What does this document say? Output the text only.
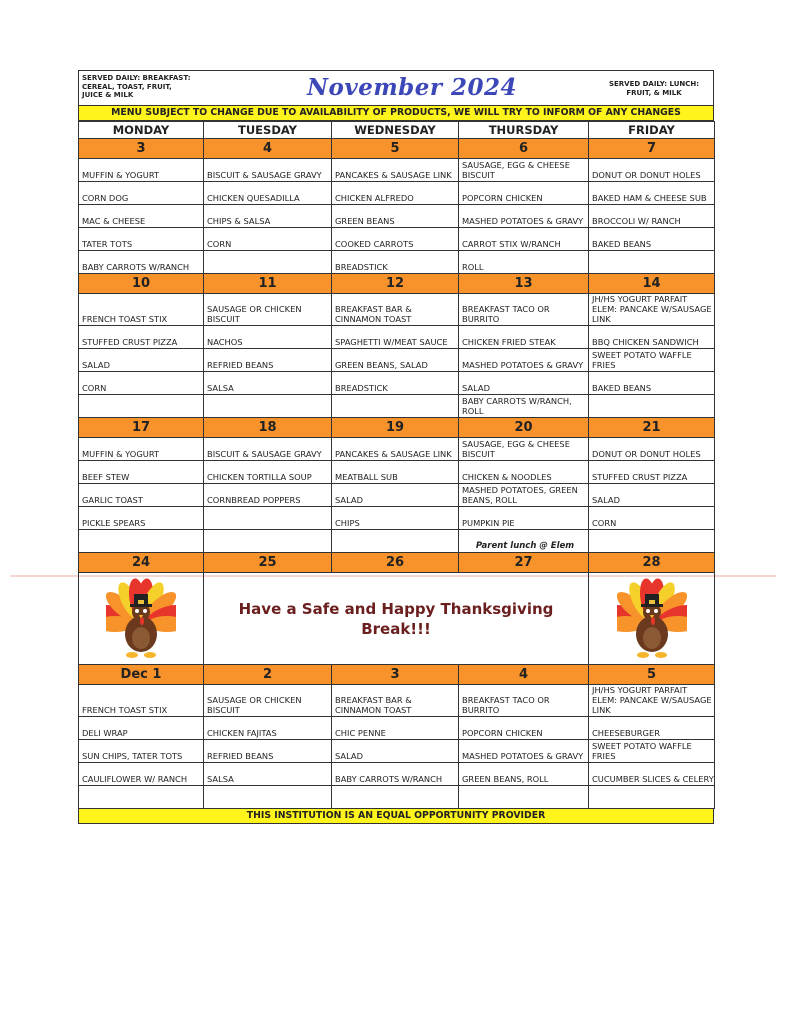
SERVED DAILY: BREAKFAST:
CEREAL, TOAST, FRUIT,
JUICE & MILK	November 2024	SERVED DAILY: LUNCH:
FRUIT, & MILK
MENU SUBJECT TO CHANGE DUE TO AVAILABILITY OF PRODUCTS, WE WILL TRY TO INFORM OF ANY CHANGES
MONDAY	TUESDAY	WEDNESDAY	THURSDAY	FRIDAY
3	4	5	6	7
MUFFIN & YOGURT	BISCUIT & SAUSAGE GRAVY	PANCAKES & SAUSAGE LINK	SAUSAGE, EGG & CHEESE BISCUIT	DONUT OR DONUT HOLES
CORN DOG	CHICKEN QUESADILLA	CHICKEN ALFREDO	POPCORN CHICKEN	BAKED HAM & CHEESE SUB
MAC & CHEESE	CHIPS & SALSA	GREEN BEANS	MASHED POTATOES & GRAVY	BROCCOLI W/ RANCH
TATER TOTS	CORN	COOKED CARROTS	CARROT STIX W/RANCH	BAKED BEANS
BABY CARROTS W/RANCH		BREADSTICK	ROLL	
10	11	12	13	14
FRENCH TOAST STIX	SAUSAGE OR CHICKEN BISCUIT	BREAKFAST BAR & CINNAMON TOAST	BREAKFAST TACO OR BURRITO	JH/HS YOGURT PARFAIT ELEM: PANCAKE W/SAUSAGE LINK
STUFFED CRUST PIZZA	NACHOS	SPAGHETTI W/MEAT SAUCE	CHICKEN FRIED STEAK	BBQ CHICKEN SANDWICH
SALAD	REFRIED BEANS	GREEN BEANS, SALAD	MASHED POTATOES & GRAVY	SWEET POTATO WAFFLE FRIES
CORN	SALSA	BREADSTICK	SALAD	BAKED BEANS
			BABY CARROTS W/RANCH, ROLL	
17	18	19	20	21
MUFFIN & YOGURT	BISCUIT & SAUSAGE GRAVY	PANCAKES & SAUSAGE LINK	SAUSAGE, EGG & CHEESE BISCUIT	DONUT OR DONUT HOLES
BEEF STEW	CHICKEN TORTILLA SOUP	MEATBALL SUB	CHICKEN & NOODLES	STUFFED CRUST PIZZA
GARLIC TOAST	CORNBREAD POPPERS	SALAD	MASHED POTATOES, GREEN BEANS, ROLL	SALAD
PICKLE SPEARS		CHIPS	PUMPKIN PIE	CORN
			Parent lunch @ Elem	
24	25	26	27	28

Have a Safe and Happy Thanksgiving
Break!!!

Dec 1	2	3	4	5
FRENCH TOAST STIX	SAUSAGE OR CHICKEN BISCUIT	BREAKFAST BAR & CINNAMON TOAST	BREAKFAST TACO OR BURRITO	JH/HS YOGURT PARFAIT ELEM: PANCAKE W/SAUSAGE LINK
DELI WRAP	CHICKEN FAJITAS	CHIC PENNE	POPCORN CHICKEN	CHEESEBURGER
SUN CHIPS, TATER TOTS	REFRIED BEANS	SALAD	MASHED POTATOES & GRAVY	SWEET POTATO WAFFLE FRIES
CAULIFLOWER W/ RANCH	SALSA	BABY CARROTS W/RANCH	GREEN BEANS, ROLL	CUCUMBER SLICES & CELERY

THIS INSTITUTION IS AN EQUAL OPPORTUNITY PROVIDER
